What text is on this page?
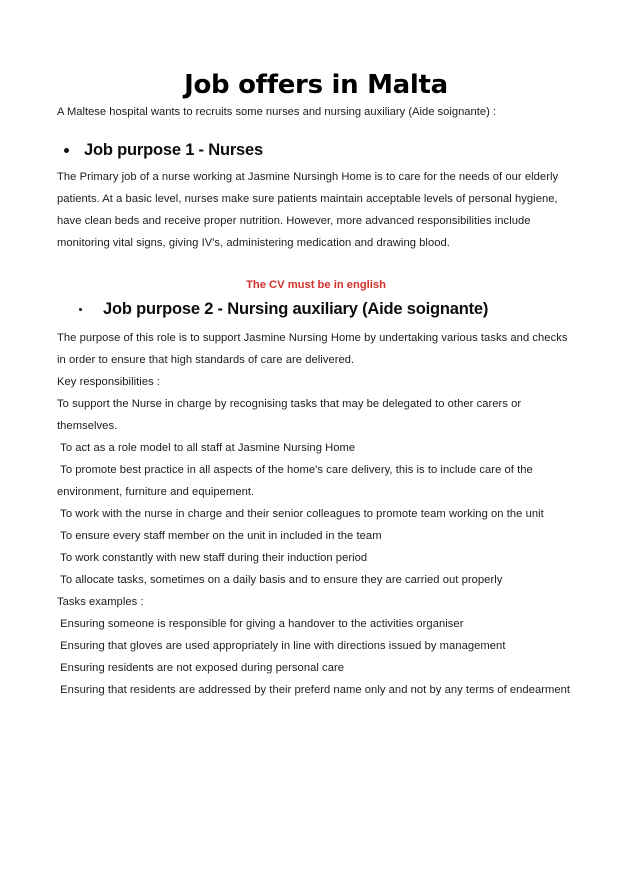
Job offers in Malta

A Maltese hospital wants to recruits some nurses and nursing auxiliary (Aide soignante) :

Job purpose 1 - Nurses

The Primary job of a nurse working at Jasmine Nursingh Home is to care for the needs of our elderly patients. At a basic level, nurses make sure patients maintain acceptable levels of personal hygiene, have clean beds and receive proper nutrition. However, more advanced responsibilities include monitoring vital signs, giving IV's, administering medication and drawing blood.

The CV must be in english

Job purpose 2 - Nursing auxiliary (Aide soignante)

The purpose of this role is to support Jasmine Nursing Home by undertaking various tasks and checks in order to ensure that high standards of care are delivered.

Key responsibilities :

To support the Nurse in charge by recognising tasks that may be delegated to other carers or themselves.

To act as a role model to all staff at Jasmine Nursing Home

To promote best practice in all aspects of the home's care delivery, this is to include care of the environment, furniture and equipement.

To work with the nurse in charge and their senior colleagues to promote team working on the unit

To ensure every staff member on the unit in included in the team

To work constantly with new staff during their induction period

To allocate tasks, sometimes on a daily basis and to ensure they are carried out properly

Tasks examples :

Ensuring someone is responsible for giving a handover to the activities organiser

Ensuring that gloves are used appropriately in line with directions issued by management

Ensuring residents are not exposed during personal care

Ensuring that residents are addressed by their preferd name only and not by any terms of endearment
